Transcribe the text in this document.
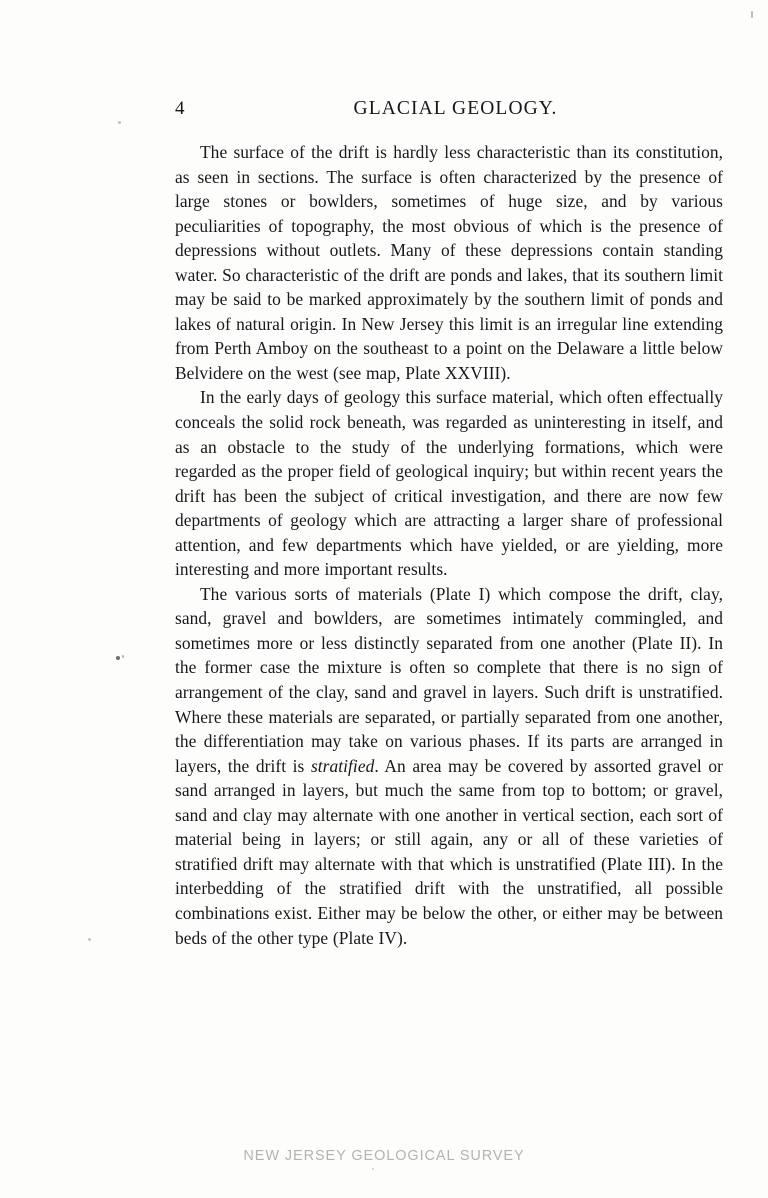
4	GLACIAL GEOLOGY.

The surface of the drift is hardly less characteristic than its constitution, as seen in sections. The surface is often characterized by the presence of large stones or bowlders, sometimes of huge size, and by various peculiarities of topography, the most obvious of which is the presence of depressions without outlets. Many of these depressions contain standing water. So characteristic of the drift are ponds and lakes, that its southern limit may be said to be marked approximately by the southern limit of ponds and lakes of natural origin. In New Jersey this limit is an irregular line extending from Perth Amboy on the southeast to a point on the Delaware a little below Belvidere on the west (see map, Plate XXVIII).

In the early days of geology this surface material, which often effectually conceals the solid rock beneath, was regarded as uninteresting in itself, and as an obstacle to the study of the underlying formations, which were regarded as the proper field of geological inquiry; but within recent years the drift has been the subject of critical investigation, and there are now few departments of geology which are attracting a larger share of professional attention, and few departments which have yielded, or are yielding, more interesting and more important results.

The various sorts of materials (Plate I) which compose the drift, clay, sand, gravel and bowlders, are sometimes intimately commingled, and sometimes more or less distinctly separated from one another (Plate II). In the former case the mixture is often so complete that there is no sign of arrangement of the clay, sand and gravel in layers. Such drift is unstratified. Where these materials are separated, or partially separated from one another, the differentiation may take on various phases. If its parts are arranged in layers, the drift is stratified. An area may be covered by assorted gravel or sand arranged in layers, but much the same from top to bottom; or gravel, sand and clay may alternate with one another in vertical section, each sort of material being in layers; or still again, any or all of these varieties of stratified drift may alternate with that which is unstratified (Plate III). In the interbedding of the stratified drift with the unstratified, all possible combinations exist. Either may be below the other, or either may be between beds of the other type (Plate IV).

NEW JERSEY GEOLOGICAL SURVEY
